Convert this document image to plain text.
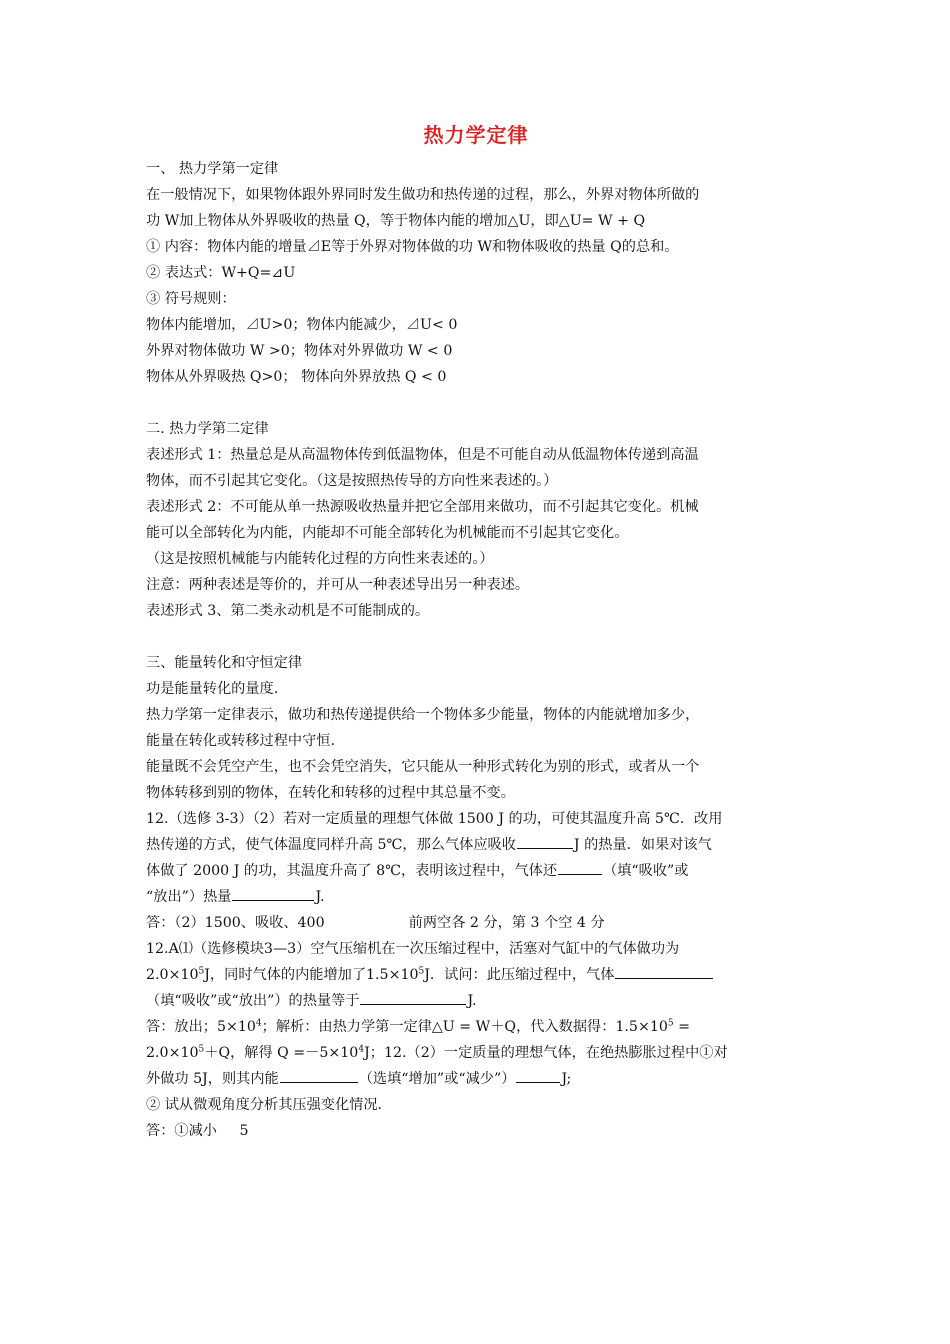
热力学定律
一、 热力学第一定律
在一般情况下，如果物体跟外界同时发生做功和热传递的过程，那么，外界对物体所做的
功 W加上物体从外界吸收的热量 Q，等于物体内能的增加△U，即△U= W + Q
① 内容：物体内能的增量⊿E等于外界对物体做的功 W和物体吸收的热量 Q的总和。
② 表达式：W+Q=⊿U
③ 符号规则：
物体内能增加，⊿U>0；物体内能减少，⊿U< 0
外界对物体做功 W >0；物体对外界做功 W < 0
物体从外界吸热 Q>0； 物体向外界放热 Q < 0
二. 热力学第二定律
表述形式 1：热量总是从高温物体传到低温物体，但是不可能自动从低温物体传递到高温
物体，而不引起其它变化。（这是按照热传导的方向性来表述的。）
表述形式 2：不可能从单一热源吸收热量并把它全部用来做功，而不引起其它变化。机械
能可以全部转化为内能，内能却不可能全部转化为机械能而不引起其它变化。
（这是按照机械能与内能转化过程的方向性来表述的。）
注意：两种表述是等价的，并可从一种表述导出另一种表述。
表述形式 3、第二类永动机是不可能制成的。
三、能量转化和守恒定律
功是能量转化的量度.
热力学第一定律表示，做功和热传递提供给一个物体多少能量，物体的内能就增加多少，
能量在转化或转移过程中守恒.
能量既不会凭空产生，也不会凭空消失，它只能从一种形式转化为别的形式，或者从一个
物体转移到别的物体，在转化和转移的过程中其总量不变。
12.（选修 3-3）（2）若对一定质量的理想气体做 1500 J 的功，可使其温度升高 5℃．改用
热传递的方式，使气体温度同样升高 5℃，那么气体应吸收	J 的热量．如果对该气
体做了 2000 J 的功，其温度升高了 8℃，表明该过程中，气体还	（填“吸收”或
“放出”）热量	J.
答：（2）1500、吸收、400	前两空各 2 分，第 3 个空 4 分
12.A⑴（选修模块3—3）空气压缩机在一次压缩过程中，活塞对气缸中的气体做功为
$2.0\times 10^5J$，同时气体的内能增加了$1.5\times 10^5J$．试问：此压缩过程中，气体
（填“吸收”或“放出”）的热量等于	J.
答：放出；$5\times 10^4$；解析：由热力学第一定律△U = W＋Q，代入数据得：$1.5\times 10^5$ =
$2.0\times 10^5+Q$，解得 $Q =-5\times 10^4J$；12.（2）一定质量的理想气体，在绝热膨胀过程中①对
外做功 5J，则其内能	（选填“增加”或“减少”）	J;
② 试从微观角度分析其压强变化情况.
答：①减小     5
